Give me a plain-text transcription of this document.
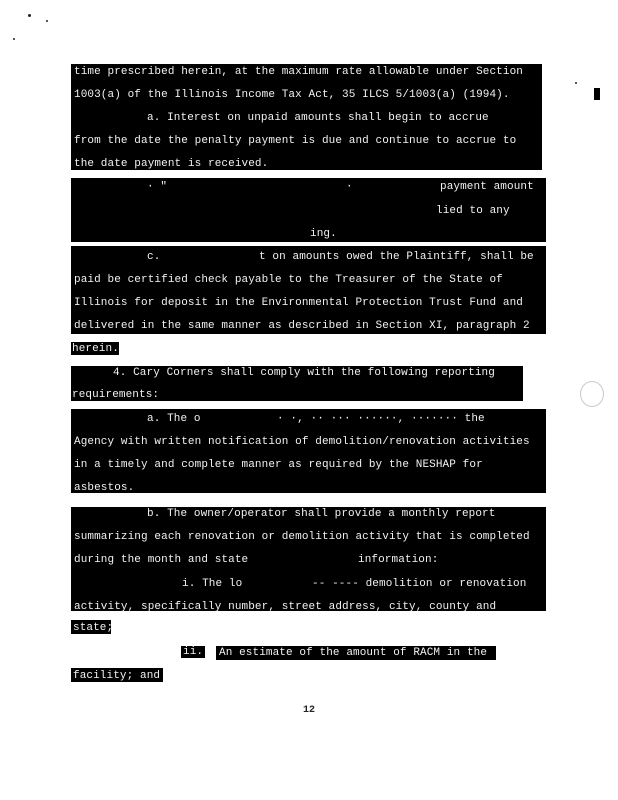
time prescribed herein, at the maximum rate allowable under Section
1003(a) of the Illinois Income Tax Act, 35 ILCS 5/1003(a) (1994).
a. Interest on unpaid amounts shall begin to accrue
from the date the penalty payment is due and continue to accrue to
the date payment is received.
· "	·	payment amount
lied to any
ing.
c.	t on amounts owed the Plaintiff, shall be
paid be certified check payable to the Treasurer of the State of
Illinois for deposit in the Environmental Protection Trust Fund and
delivered in the same manner as described in Section XI, paragraph 2
herein.
4. Cary Corners shall comply with the following reporting
requirements:
a. The o	· ·, ·· ··· ······, ······· the
Agency with written notification of demolition/renovation activities
in a timely and complete manner as required by the NESHAP for
asbestos.
b. The owner/operator shall provide a monthly report
summarizing each renovation or demolition activity that is completed
during the month and state	information:
i. The lo	-- ---- demolition or renovation
activity, specifically number, street address, city, county and
state;
ii. An estimate of the amount of RACM in the
facility; and
12
